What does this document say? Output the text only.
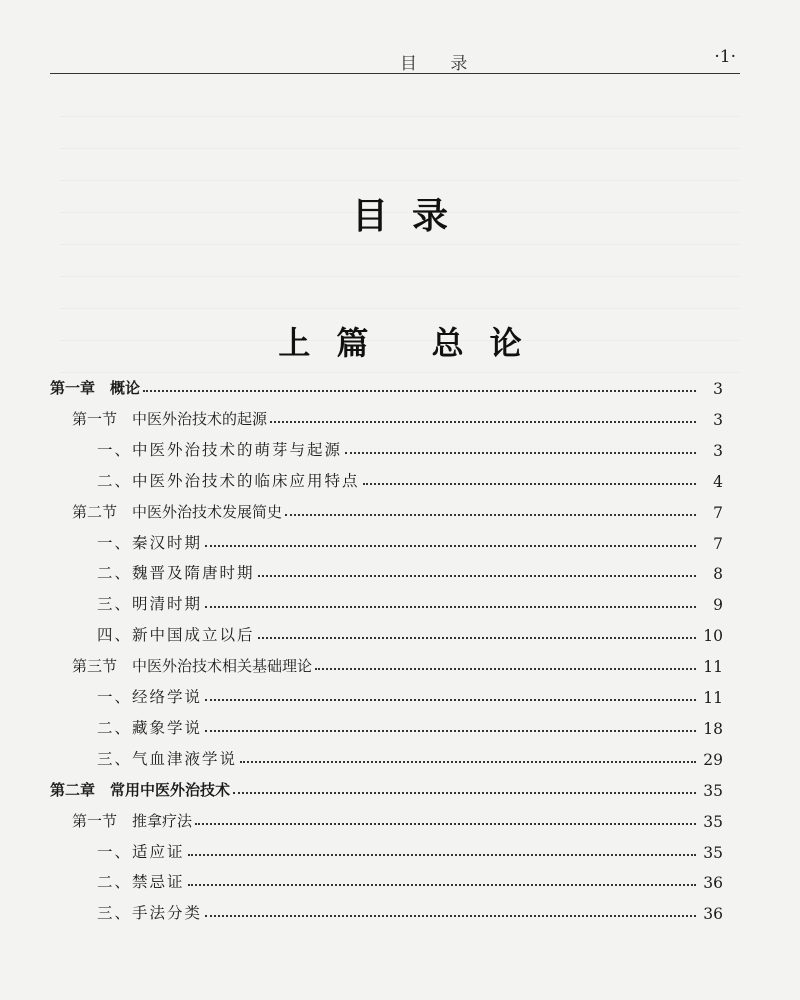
目 录	·1·
目录
上篇 总论
第一章　概论	3
第一节　中医外治技术的起源	3
一、中医外治技术的萌芽与起源	3
二、中医外治技术的临床应用特点	4
第二节　中医外治技术发展简史	7
一、秦汉时期	7
二、魏晋及隋唐时期	8
三、明清时期	9
四、新中国成立以后	10
第三节　中医外治技术相关基础理论	11
一、经络学说	11
二、藏象学说	18
三、气血津液学说	29
第二章　常用中医外治技术	35
第一节　推拿疗法	35
一、适应证	35
二、禁忌证	36
三、手法分类	36
